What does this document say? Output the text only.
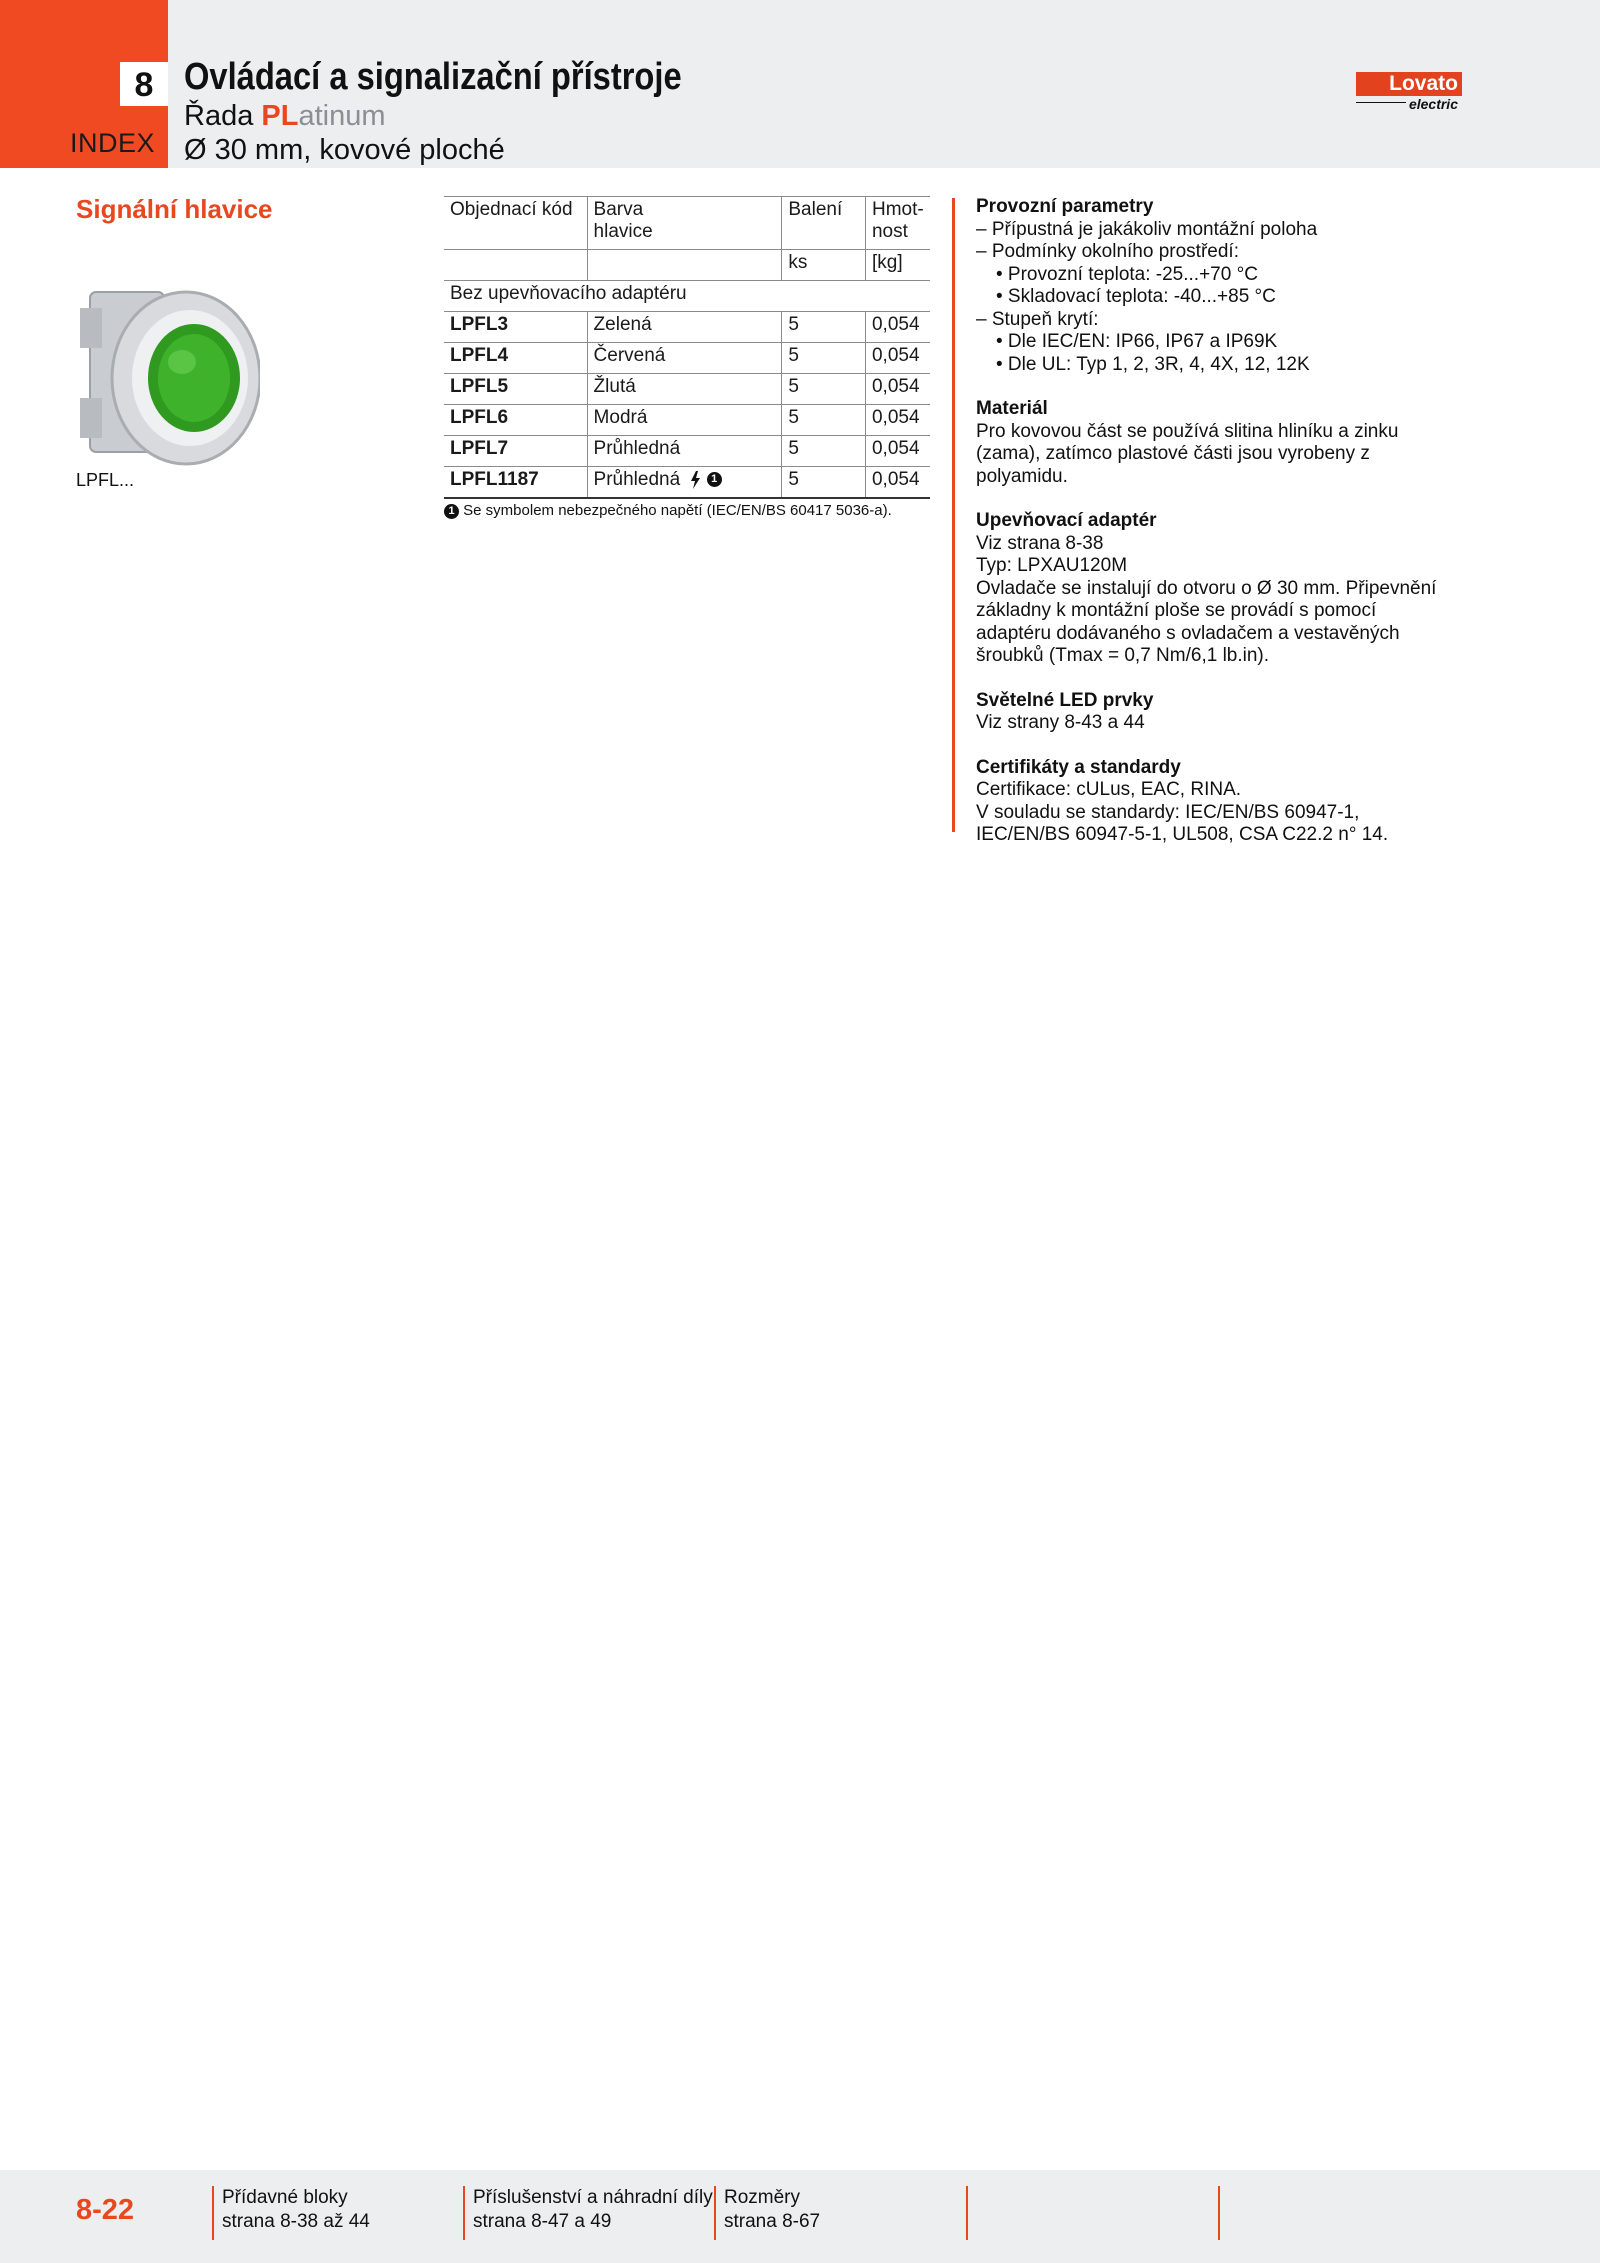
8
INDEX
Ovládací a signalizační přístroje
Řada PLatinum
Ø 30 mm, kovové ploché
Lovato
electric
Signální hlavice
LPFL...
Objednací kód	Barva hlavice	Balení	Hmot-nost
		ks	[kg]
Bez upevňovacího adaptéru			
LPFL3	Zelená	5	0,054
LPFL4	Červená	5	0,054
LPFL5	Žlutá	5	0,054
LPFL6	Modrá	5	0,054
LPFL7	Průhledná	5	0,054
LPFL1187	Průhledná 1	5	0,054
1 Se symbolem nebezpečného napětí (IEC/EN/BS 60417 5036-a).
Provozní parametry
– Přípustná je jakákoliv montážní poloha
– Podmínky okolního prostředí:
• Provozní teplota: -25...+70 °C
• Skladovací teplota: -40...+85 °C
– Stupeň krytí:
• Dle IEC/EN: IP66, IP67 a IP69K
• Dle UL: Typ 1, 2, 3R, 4, 4X, 12, 12K
Materiál
Pro kovovou část se používá slitina hliníku a zinku (zama), zatímco plastové části jsou vyrobeny z polyamidu.
Upevňovací adaptér
Viz strana 8-38
Typ: LPXAU120M
Ovladače se instalují do otvoru o Ø 30 mm. Připevnění základny k montážní ploše se provádí s pomocí adaptéru dodávaného s ovladačem a vestavěných šroubků (Tmax = 0,7 Nm/6,1 lb.in).
Světelné LED prvky
Viz strany 8-43 a 44
Certifikáty a standardy
Certifikace: cULus, EAC, RINA.
V souladu se standardy: IEC/EN/BS 60947-1,
IEC/EN/BS 60947-5-1, UL508, CSA C22.2 n° 14.
8-22	Přídavné bloky
strana 8-38 až 44
Příslušenství a náhradní díly
strana 8-47 a 49
Rozměry
strana 8-67
